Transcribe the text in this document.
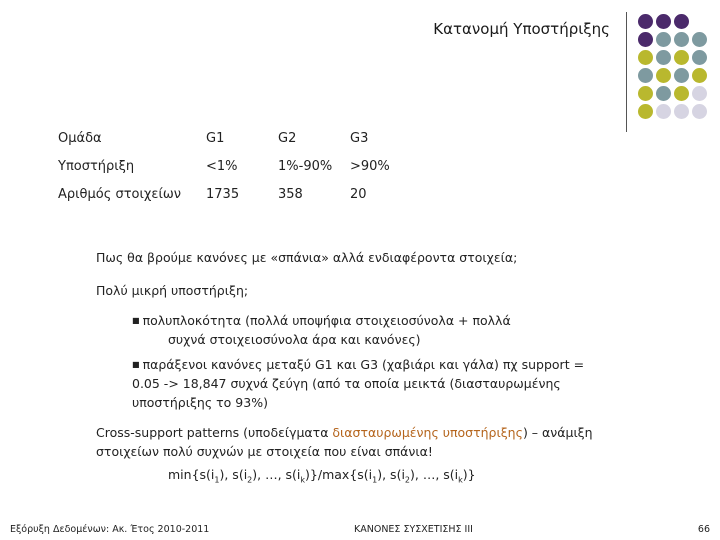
Κατανομή Υποστήριξης
Ομάδα	G1	G2	G3
Υποστήριξη	<1%	1%-90%	>90%
Αριθμός στοιχείων	1735	358	20
Πως θα βρούμε κανόνες με «σπάνια» αλλά ενδιαφέροντα στοιχεία;
Πολύ μικρή υποστήριξη;
■ πολυπλοκότητα (πολλά υποψήφια στοιχειοσύνολα + πολλά
συχνά στοιχειοσύνολα άρα και κανόνες)
■ παράξενοι κανόνες μεταξύ G1 και G3 (χαβιάρι και γάλα) πχ support = 0.05 -> 18,847 συχνά ζεύγη (από τα οποία μεικτά (διασταυρωμένης υποστήριξης το 93%)
Cross-support patterns (υποδείγματα διασταυρωμένης υποστήριξης) – ανάμιξη στοιχείων πολύ συχνών με στοιχεία που είναι σπάνια!
$\min\{s(i_1)$, $s(i_2)$, …, $s(i_k)\}/\max\{s(i_1)$, $s(i_2)$, …, $s(i_k)$}
Εξόρυξη Δεδομένων: Ακ. Έτος 2010-2011	ΚΑΝΟΝΕΣ ΣΥΣΧΕΤΙΣΗΣ ΙΙΙ	66
